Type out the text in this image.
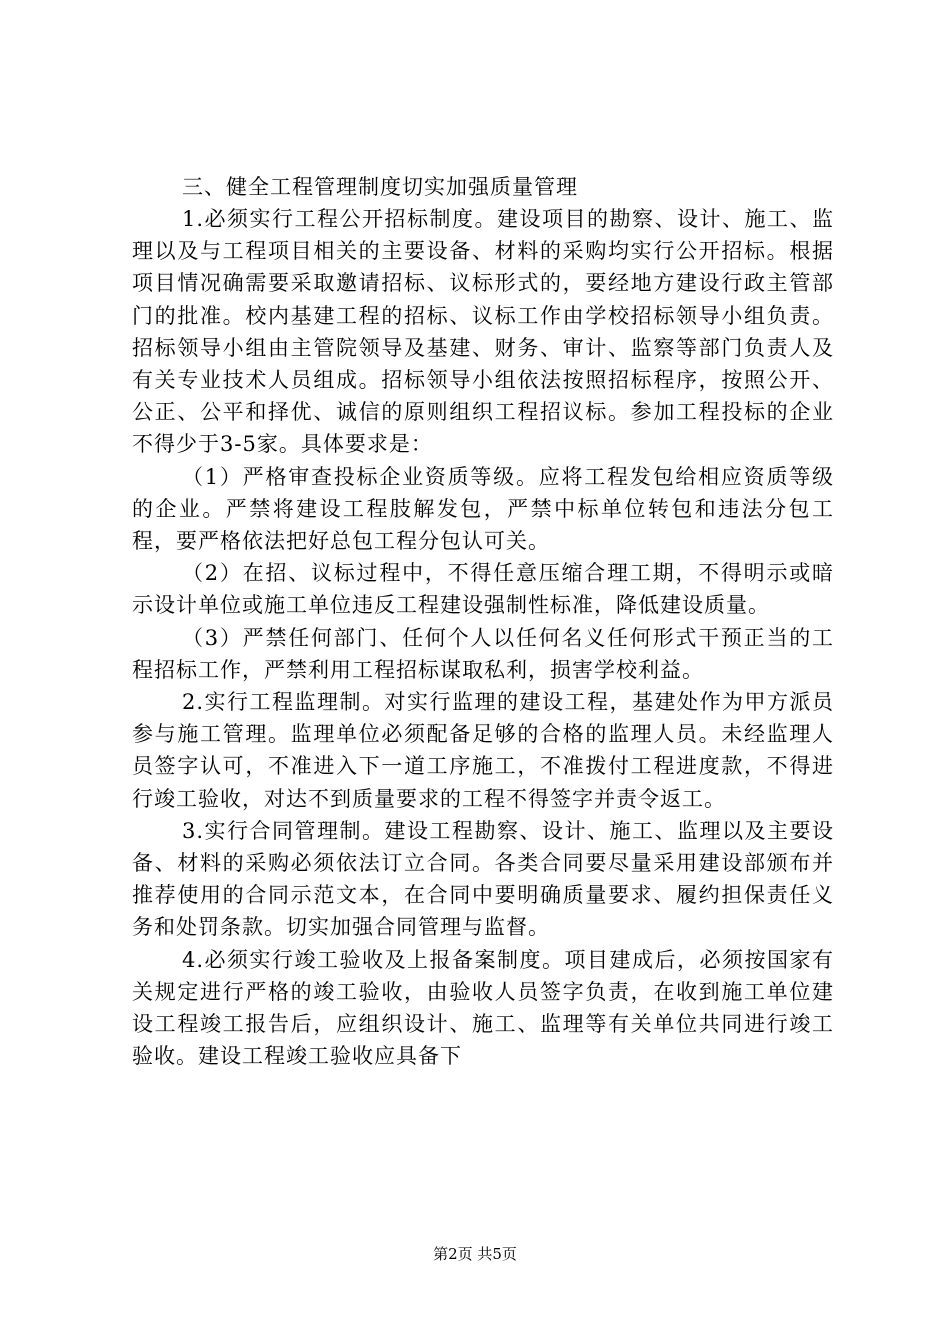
三、健全工程管理制度切实加强质量管理

1.必须实行工程公开招标制度。建设项目的勘察、设计、施工、监理以及与工程项目相关的主要设备、材料的采购均实行公开招标。根据项目情况确需要采取邀请招标、议标形式的，要经地方建设行政主管部门的批准。校内基建工程的招标、议标工作由学校招标领导小组负责。招标领导小组由主管院领导及基建、财务、审计、监察等部门负责人及有关专业技术人员组成。招标领导小组依法按照招标程序，按照公开、公正、公平和择优、诚信的原则组织工程招议标。参加工程投标的企业不得少于3-5家。具体要求是：

（1）严格审查投标企业资质等级。应将工程发包给相应资质等级的企业。严禁将建设工程肢解发包，严禁中标单位转包和违法分包工程，要严格依法把好总包工程分包认可关。

（2）在招、议标过程中，不得任意压缩合理工期，不得明示或暗示设计单位或施工单位违反工程建设强制性标准，降低建设质量。

（3）严禁任何部门、任何个人以任何名义任何形式干预正当的工程招标工作，严禁利用工程招标谋取私利，损害学校利益。

2.实行工程监理制。对实行监理的建设工程，基建处作为甲方派员参与施工管理。监理单位必须配备足够的合格的监理人员。未经监理人员签字认可，不准进入下一道工序施工，不准拨付工程进度款，不得进行竣工验收，对达不到质量要求的工程不得签字并责令返工。

3.实行合同管理制。建设工程勘察、设计、施工、监理以及主要设备、材料的采购必须依法订立合同。各类合同要尽量采用建设部颁布并推荐使用的合同示范文本，在合同中要明确质量要求、履约担保责任义务和处罚条款。切实加强合同管理与监督。

4.必须实行竣工验收及上报备案制度。项目建成后，必须按国家有关规定进行严格的竣工验收，由验收人员签字负责，在收到施工单位建设工程竣工报告后，应组织设计、施工、监理等有关单位共同进行竣工验收。建设工程竣工验收应具备下

第2页 共5页
